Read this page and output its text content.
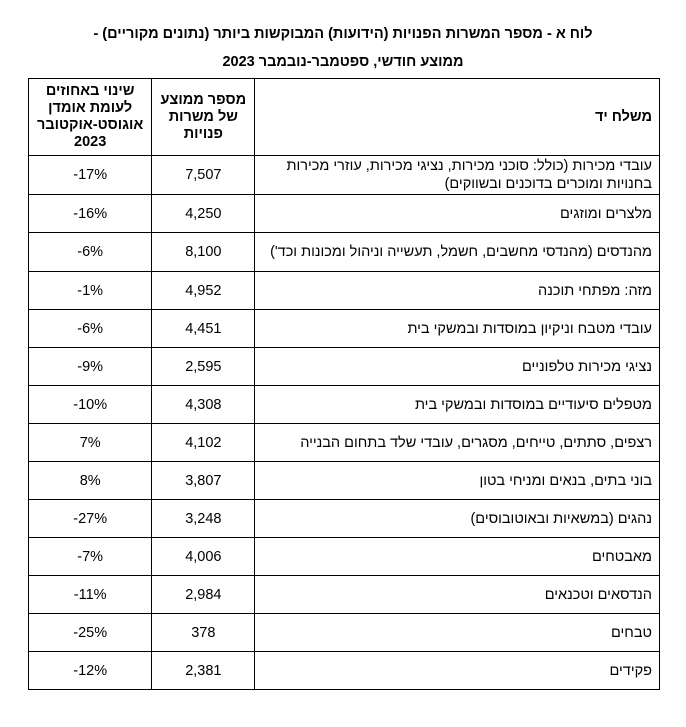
לוח א - מספר המשרות הפנויות (הידועות) המבוקשות ביותר (נתונים מקוריים) -
ממוצע חודשי, ספטמבר-נובמבר 2023
משלח יד	מספר ממוצע של משרות פנויות	שינוי באחוזים לעומת אומדן אוגוסט-אוקטובר 2023
עובדי מכירות (כולל: סוכני מכירות, נציגי מכירות, עוזרי מכירות בחנויות ומוכרים בדוכנים ובשווקים)	7,507	-17%
מלצרים ומוזגים	4,250	-16%
מהנדסים (מהנדסי מחשבים, חשמל, תעשייה וניהול ומכונות וכד')	8,100	-6%
מזה: מפתחי תוכנה	4,952	-1%
עובדי מטבח וניקיון במוסדות ובמשקי בית	4,451	-6%
נציגי מכירות טלפוניים	2,595	-9%
מטפלים סיעודיים במוסדות ובמשקי בית	4,308	-10%
רצפים, סתתים, טייחים, מסגרים, עובדי שלד בתחום הבנייה	4,102	7%
בוני בתים, בנאים ומניחי בטון	3,807	8%
נהגים (במשאיות ובאוטובוסים)	3,248	-27%
מאבטחים	4,006	-7%
הנדסאים וטכנאים	2,984	-11%
טבחים	378	-25%
פקידים	2,381	-12%
